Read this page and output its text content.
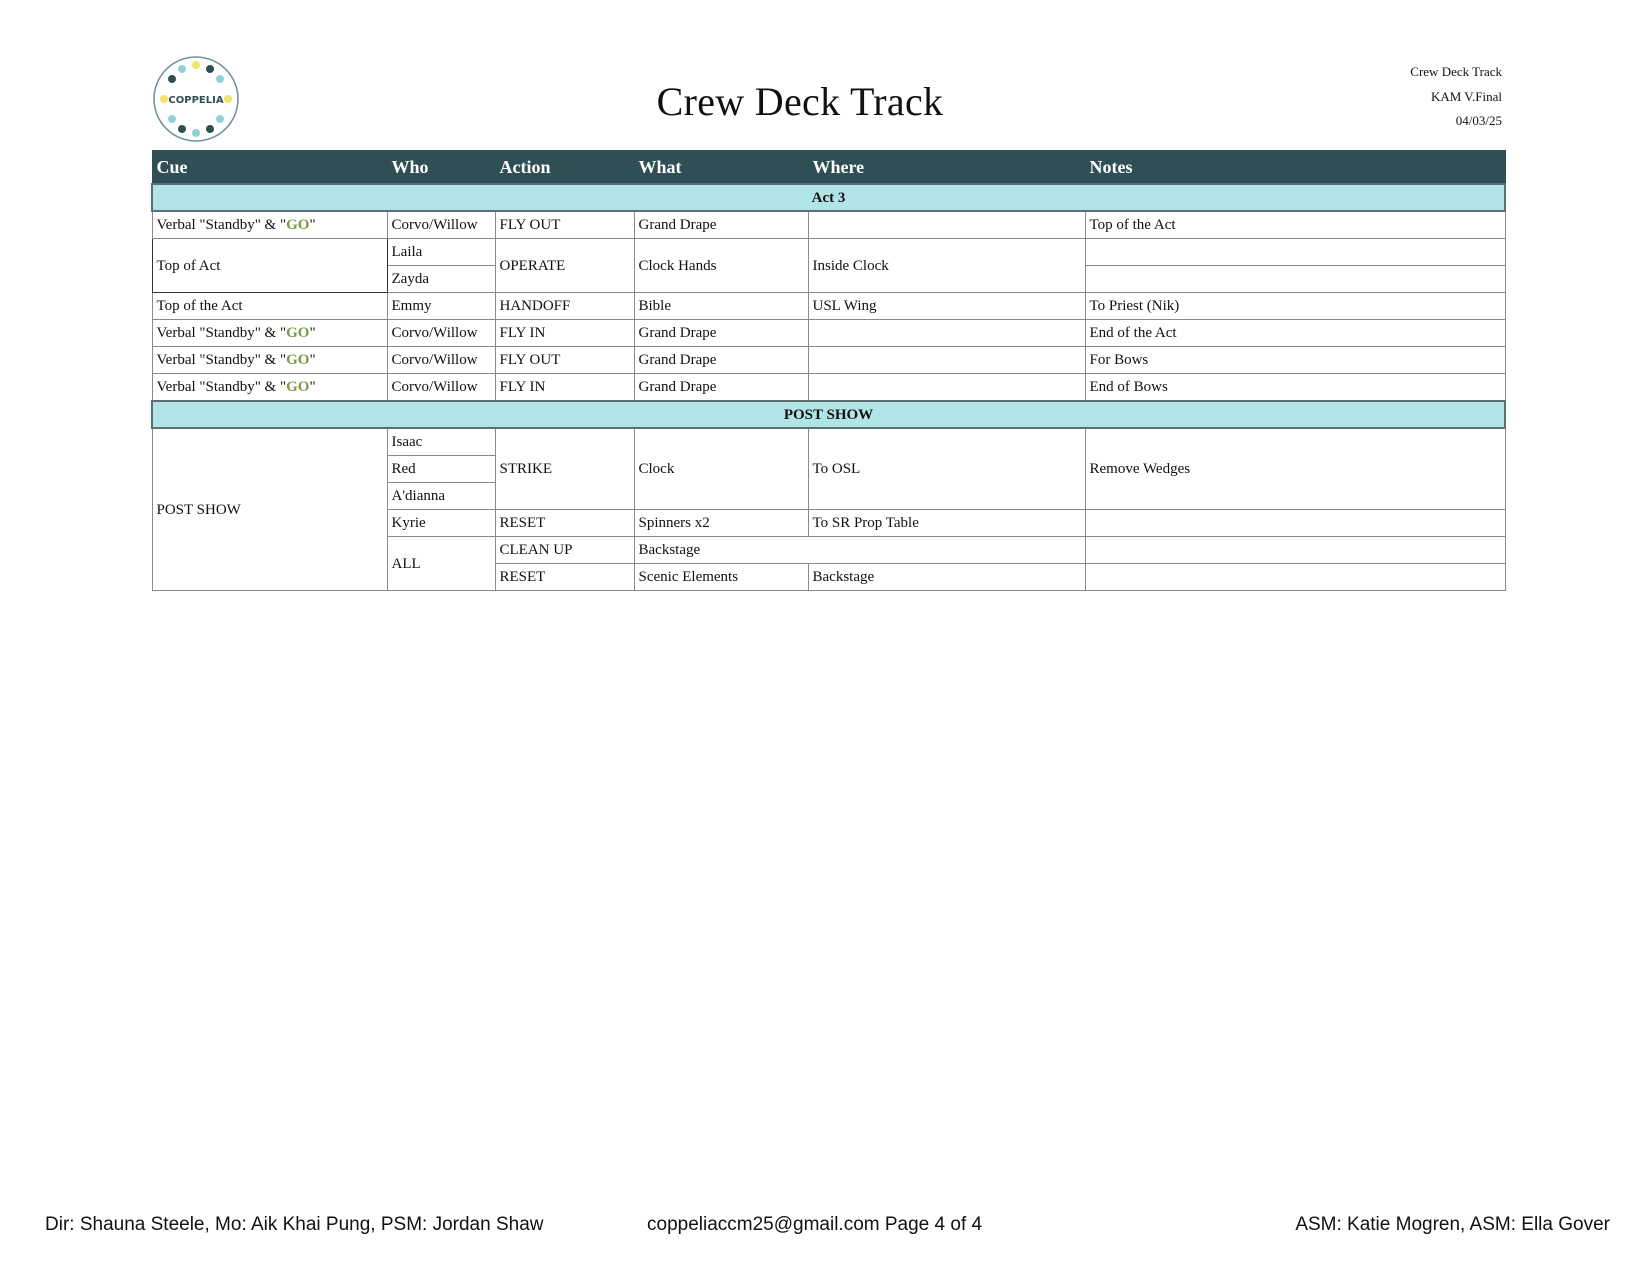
COPPELIA	Crew Deck Track
Crew Deck Track
KAM V.Final
04/03/25
Cue	Who	Action	What	Where	Notes
Act 3					
Verbal "Standby" & "GO"	Corvo/Willow	FLY OUT	Grand Drape		Top of the Act
Top of Act	Laila	OPERATE	Clock Hands	Inside Clock	
	Zayda				
Top of the Act	Emmy	HANDOFF	Bible	USL Wing	To Priest (Nik)
Verbal "Standby" & "GO"	Corvo/Willow	FLY IN	Grand Drape		End of the Act
Verbal "Standby" & "GO"	Corvo/Willow	FLY OUT	Grand Drape		For Bows
Verbal "Standby" & "GO"	Corvo/Willow	FLY IN	Grand Drape		End of Bows
POST SHOW					
POST SHOW	Isaac	STRIKE	Clock	To OSL	Remove Wedges
	Red				
	A'dianna				
	Kyrie	RESET	Spinners x2	To SR Prop Table	
	ALL	CLEAN UP	Backstage		
		RESET	Scenic Elements	Backstage	
Dir: Shauna Steele, Mo: Aik Khai Pung, PSM: Jordan Shaw	coppeliaccm25@gmail.com Page 4 of 4	ASM: Katie Mogren, ASM: Ella Gover
